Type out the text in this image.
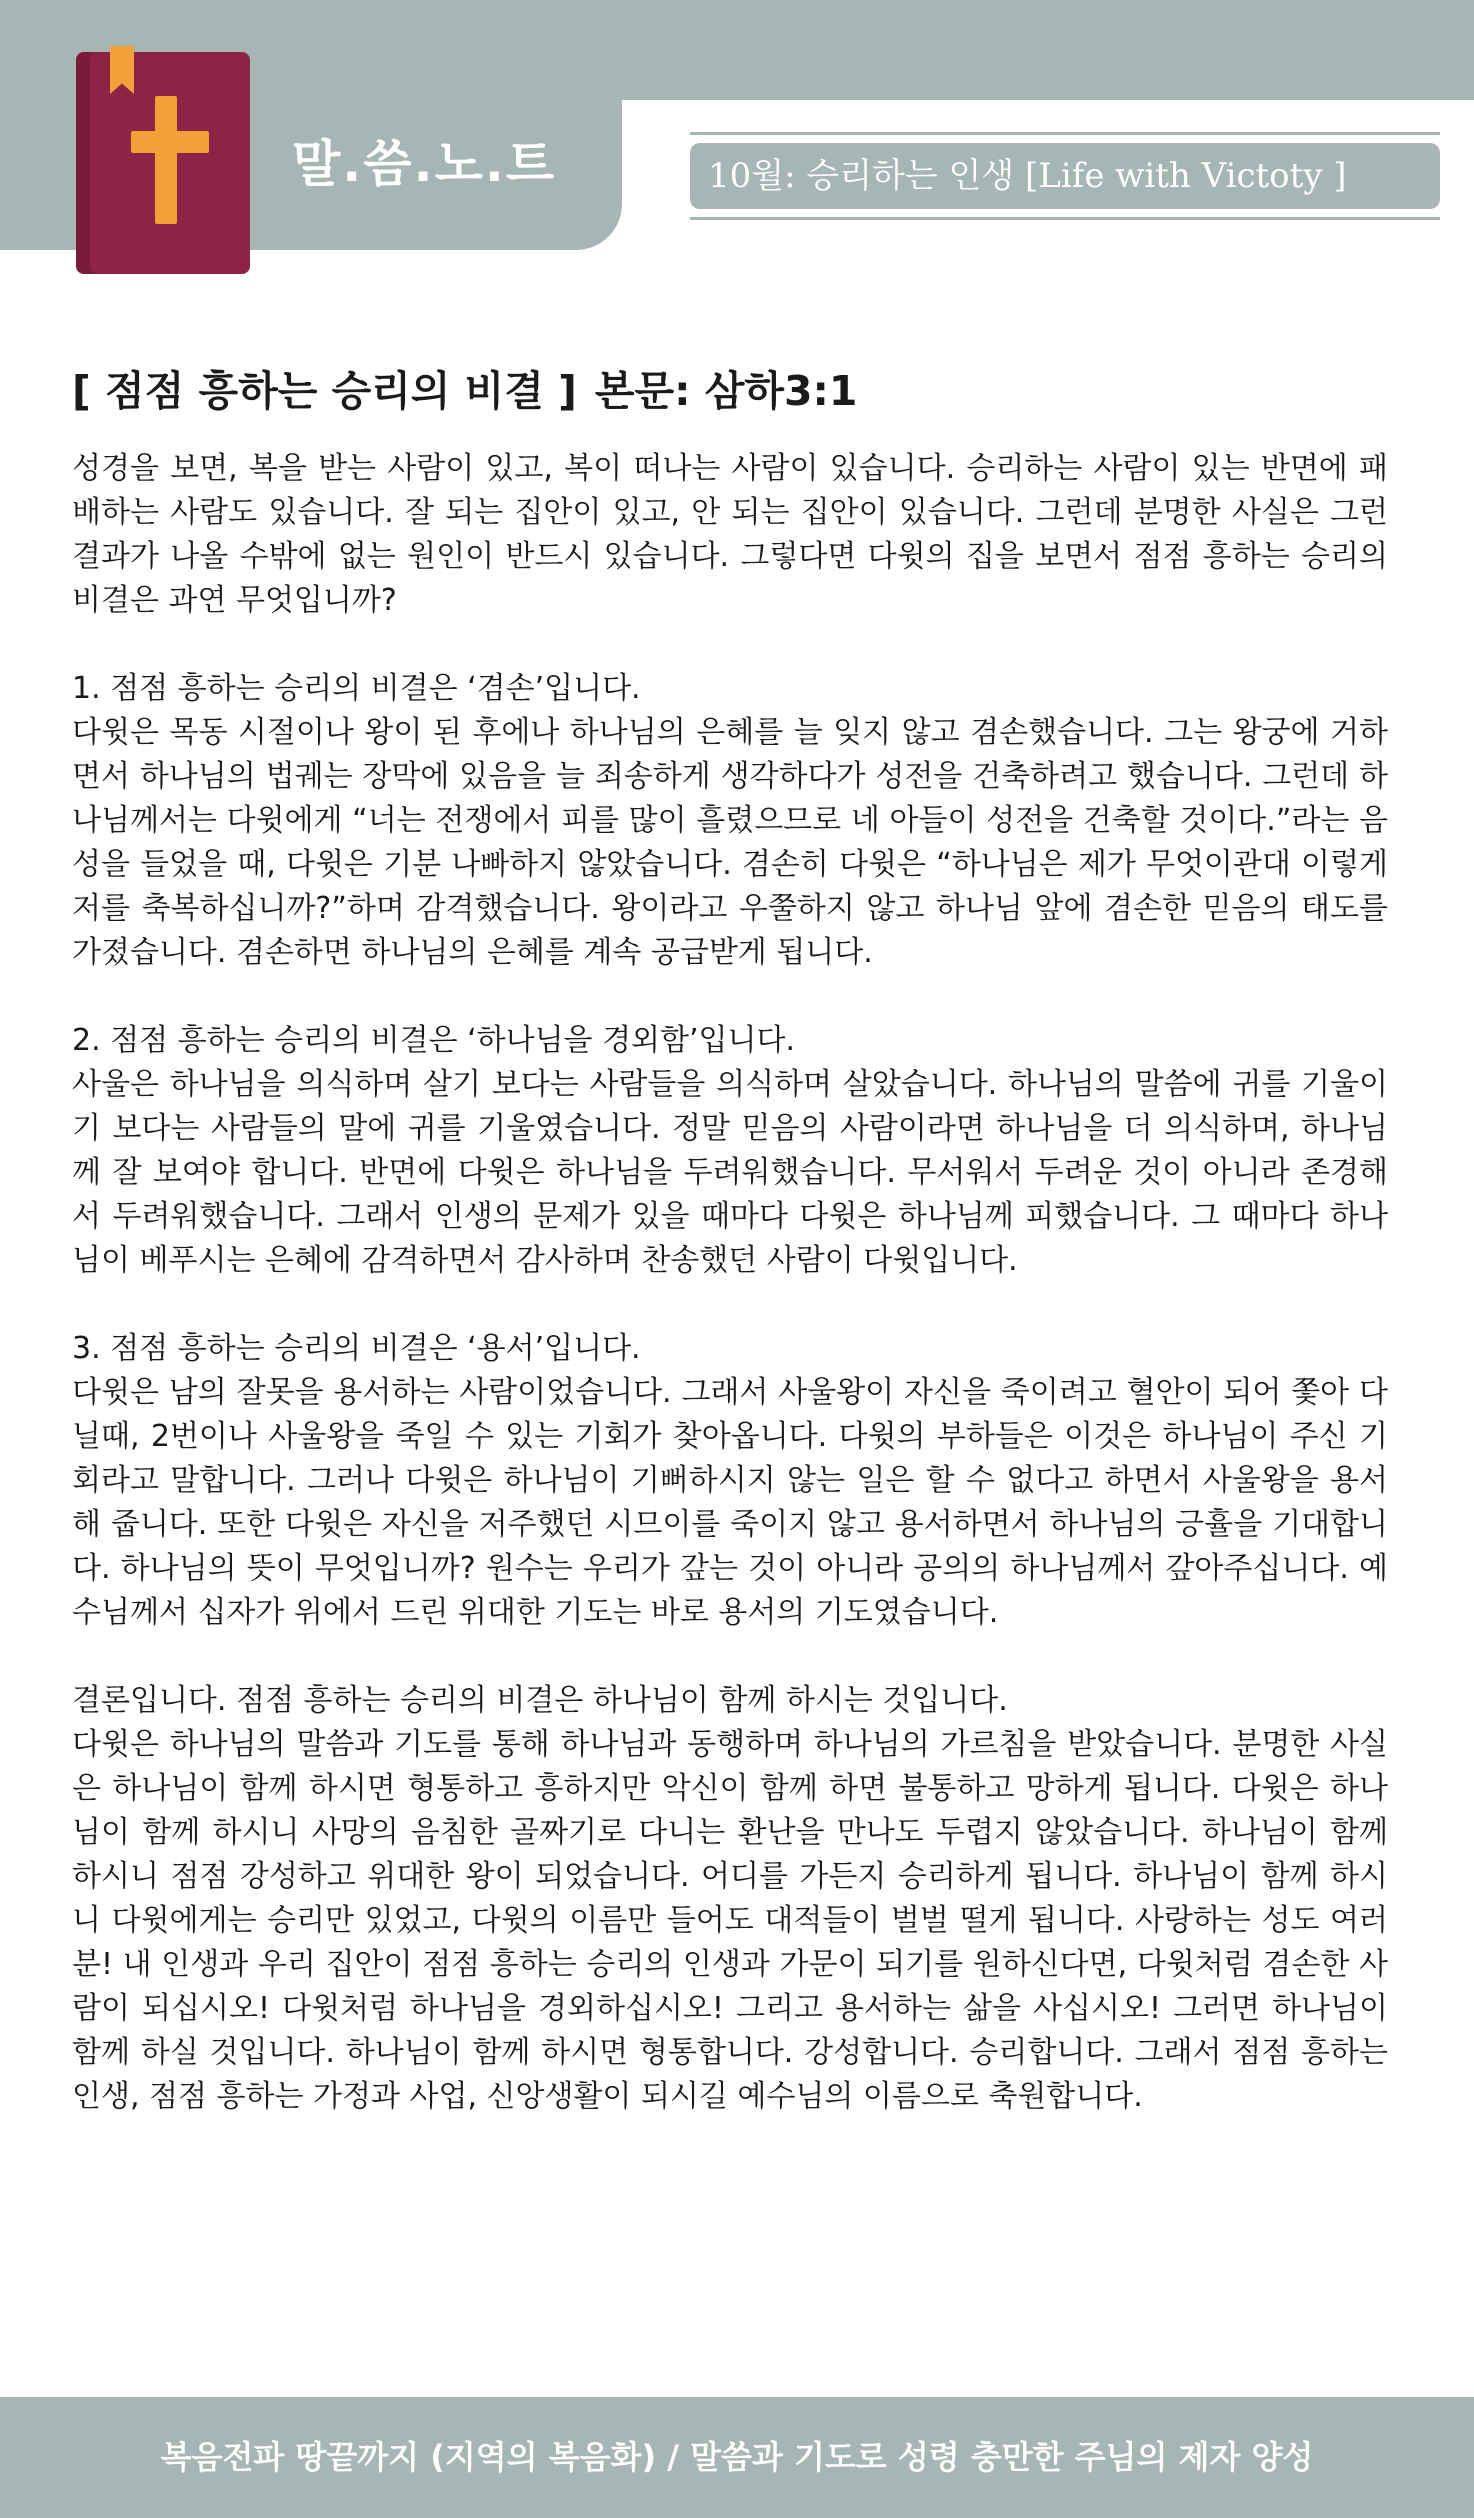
말.씀.노.트	10월: 승리하는 인생 [Life with Victoty ]
[ 점점 흥하는 승리의 비결 ] 본문: 삼하3:1

성경을 보면, 복을 받는 사람이 있고, 복이 떠나는 사람이 있습니다. 승리하는 사람이 있는 반면에 패배하는 사람도 있습니다. 잘 되는 집안이 있고, 안 되는 집안이 있습니다. 그런데 분명한 사실은 그런 결과가 나올 수밖에 없는 원인이 반드시 있습니다. 그렇다면 다윗의 집을 보면서 점점 흥하는 승리의 비결은 과연 무엇입니까?

1. 점점 흥하는 승리의 비결은 ‘겸손’입니다.
다윗은 목동 시절이나 왕이 된 후에나 하나님의 은혜를 늘 잊지 않고 겸손했습니다. 그는 왕궁에 거하면서 하나님의 법궤는 장막에 있음을 늘 죄송하게 생각하다가 성전을 건축하려고 했습니다. 그런데 하나님께서는 다윗에게 “너는 전쟁에서 피를 많이 흘렸으므로 네 아들이 성전을 건축할 것이다.”라는 음성을 들었을 때, 다윗은 기분 나빠하지 않았습니다. 겸손히 다윗은 “하나님은 제가 무엇이관대 이렇게 저를 축복하십니까?”하며 감격했습니다. 왕이라고 우쭐하지 않고 하나님 앞에 겸손한 믿음의 태도를 가졌습니다. 겸손하면 하나님의 은혜를 계속 공급받게 됩니다.

2. 점점 흥하는 승리의 비결은 ‘하나님을 경외함’입니다.
사울은 하나님을 의식하며 살기 보다는 사람들을 의식하며 살았습니다. 하나님의 말씀에 귀를 기울이기 보다는 사람들의 말에 귀를 기울였습니다. 정말 믿음의 사람이라면 하나님을 더 의식하며, 하나님께 잘 보여야 합니다. 반면에 다윗은 하나님을 두려워했습니다. 무서워서 두려운 것이 아니라 존경해서 두려워했습니다. 그래서 인생의 문제가 있을 때마다 다윗은 하나님께 피했습니다. 그 때마다 하나님이 베푸시는 은혜에 감격하면서 감사하며 찬송했던 사람이 다윗입니다.

3. 점점 흥하는 승리의 비결은 ‘용서’입니다.
다윗은 남의 잘못을 용서하는 사람이었습니다. 그래서 사울왕이 자신을 죽이려고 혈안이 되어 쫓아 다닐때, 2번이나 사울왕을 죽일 수 있는 기회가 찾아옵니다. 다윗의 부하들은 이것은 하나님이 주신 기회라고 말합니다. 그러나 다윗은 하나님이 기뻐하시지 않는 일은 할 수 없다고 하면서 사울왕을 용서해 줍니다. 또한 다윗은 자신을 저주했던 시므이를 죽이지 않고 용서하면서 하나님의 긍휼을 기대합니다. 하나님의 뜻이 무엇입니까? 원수는 우리가 갚는 것이 아니라 공의의 하나님께서 갚아주십니다. 예수님께서 십자가 위에서 드린 위대한 기도는 바로 용서의 기도였습니다.

결론입니다. 점점 흥하는 승리의 비결은 하나님이 함께 하시는 것입니다.
다윗은 하나님의 말씀과 기도를 통해 하나님과 동행하며 하나님의 가르침을 받았습니다. 분명한 사실은 하나님이 함께 하시면 형통하고 흥하지만 악신이 함께 하면 불통하고 망하게 됩니다. 다윗은 하나님이 함께 하시니 사망의 음침한 골짜기로 다니는 환난을 만나도 두렵지 않았습니다. 하나님이 함께 하시니 점점 강성하고 위대한 왕이 되었습니다. 어디를 가든지 승리하게 됩니다. 하나님이 함께 하시니 다윗에게는 승리만 있었고, 다윗의 이름만 들어도 대적들이 벌벌 떨게 됩니다. 사랑하는 성도 여러분! 내 인생과 우리 집안이 점점 흥하는 승리의 인생과 가문이 되기를 원하신다면, 다윗처럼 겸손한 사람이 되십시오! 다윗처럼 하나님을 경외하십시오! 그리고 용서하는 삶을 사십시오! 그러면 하나님이 함께 하실 것입니다. 하나님이 함께 하시면 형통합니다. 강성합니다. 승리합니다. 그래서 점점 흥하는 인생, 점점 흥하는 가정과 사업, 신앙생활이 되시길 예수님의 이름으로 축원합니다.

복음전파 땅끝까지 (지역의 복음화) / 말씀과 기도로 성령 충만한 주님의 제자 양성
